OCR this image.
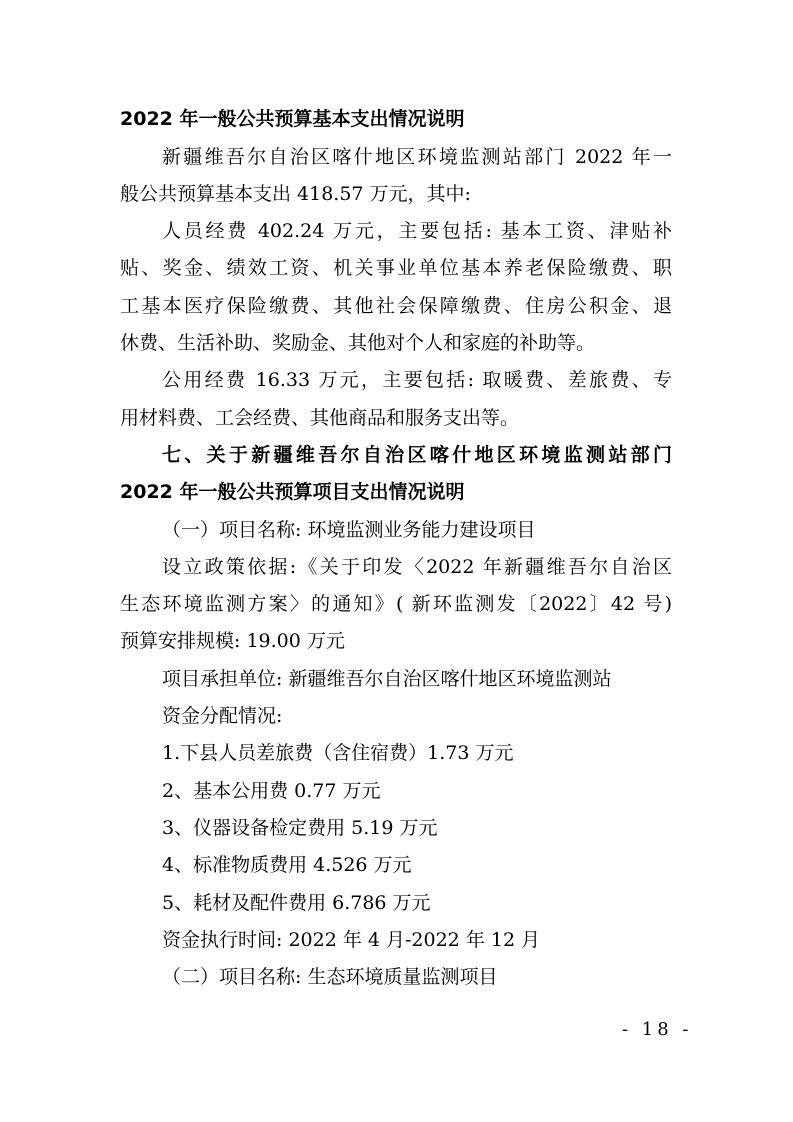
2022 年一般公共预算基本支出情况说明
新疆维吾尔自治区喀什地区环境监测站部门 2022 年一
般公共预算基本支出 418.57 万元，其中:
人员经费 402.24 万元，主要包括: 基本工资、津贴补
贴、奖金、绩效工资、机关事业单位基本养老保险缴费、职
工基本医疗保险缴费、其他社会保障缴费、住房公积金、退
休费、生活补助、奖励金、其他对个人和家庭的补助等。
公用经费 16.33 万元，主要包括: 取暖费、差旅费、专
用材料费、工会经费、其他商品和服务支出等。
七、关于新疆维吾尔自治区喀什地区环境监测站部门
2022 年一般公共预算项目支出情况说明
（一）项目名称: 环境监测业务能力建设项目
设立政策依据:《关于印发〈2022 年新疆维吾尔自治区
生态环境监测方案〉的通知》( 新环监测发〔2022〕42 号)
预算安排规模: 19.00 万元
项目承担单位: 新疆维吾尔自治区喀什地区环境监测站
资金分配情况:
1.下县人员差旅费（含住宿费）1.73 万元
2、基本公用费 0.77 万元
3、仪器设备检定费用 5.19 万元
4、标准物质费用 4.526 万元
5、耗材及配件费用 6.786 万元
资金执行时间: 2022 年 4 月-2022 年 12 月
（二）项目名称: 生态环境质量监测项目
- 18 -
